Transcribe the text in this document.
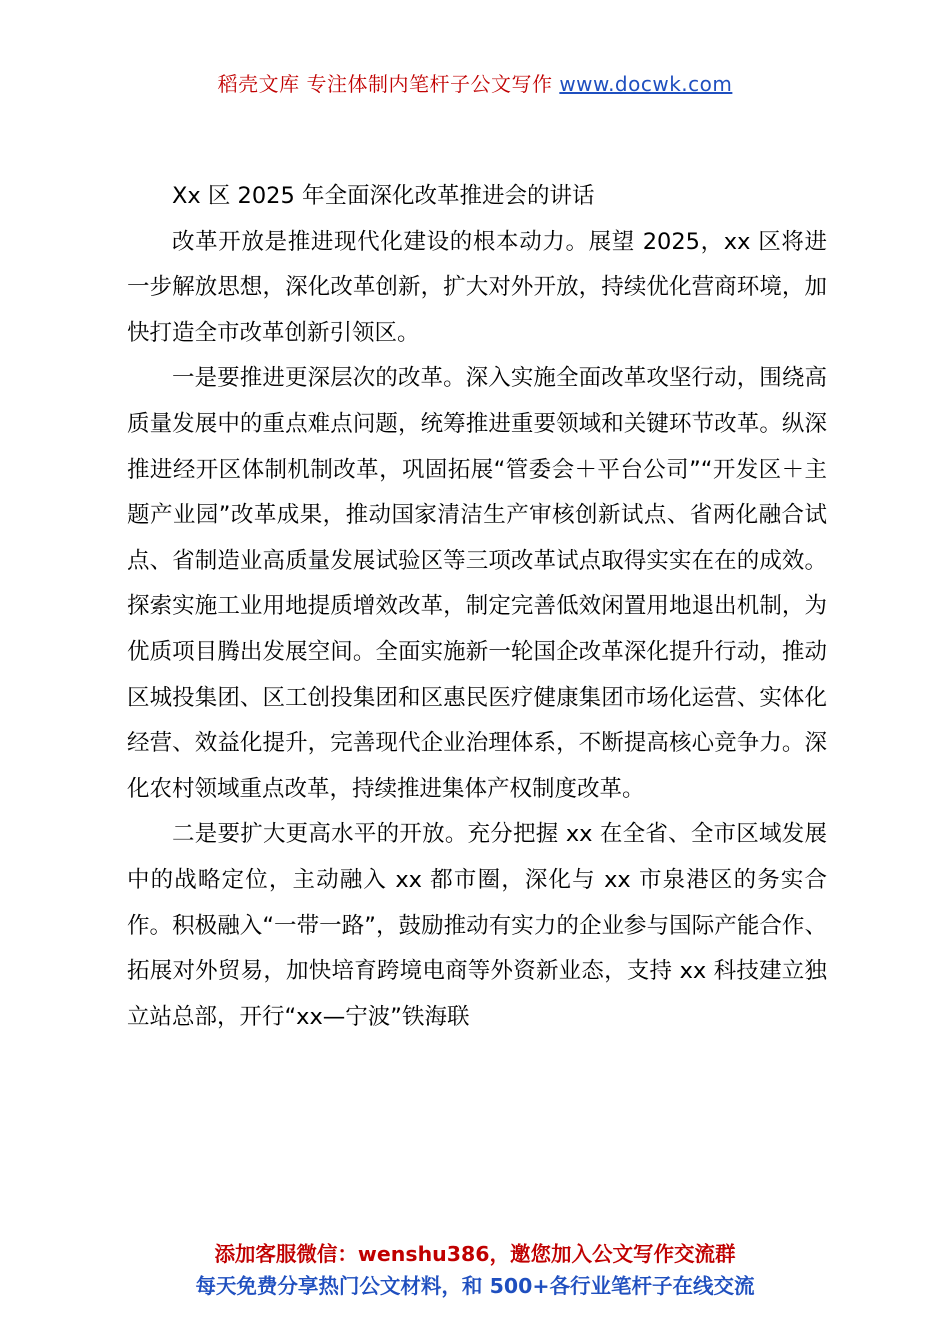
稻壳文库 专注体制内笔杆子公文写作 www.docwk.com

Xx 区 2025 年全面深化改革推进会的讲话

改革开放是推进现代化建设的根本动力。展望 2025，xx 区将进一步解放思想，深化改革创新，扩大对外开放，持续优化营商环境，加快打造全市改革创新引领区。

一是要推进更深层次的改革。深入实施全面改革攻坚行动，围绕高质量发展中的重点难点问题，统筹推进重要领域和关键环节改革。纵深推进经开区体制机制改革，巩固拓展“管委会＋平台公司”“开发区＋主题产业园”改革成果，推动国家清洁生产审核创新试点、省两化融合试点、省制造业高质量发展试验区等三项改革试点取得实实在在的成效。探索实施工业用地提质增效改革，制定完善低效闲置用地退出机制，为优质项目腾出发展空间。全面实施新一轮国企改革深化提升行动，推动区城投集团、区工创投集团和区惠民医疗健康集团市场化运营、实体化经营、效益化提升，完善现代企业治理体系，不断提高核心竞争力。深化农村领域重点改革，持续推进集体产权制度改革。

二是要扩大更高水平的开放。充分把握 xx 在全省、全市区域发展中的战略定位，主动融入 xx 都市圈，深化与 xx 市泉港区的务实合作。积极融入“一带一路”，鼓励推动有实力的企业参与国际产能合作、拓展对外贸易，加快培育跨境电商等外资新业态，支持 xx 科技建立独立站总部，开行“xx—宁波”铁海联

添加客服微信：wenshu386，邀您加入公文写作交流群
每天免费分享热门公文材料，和 500+各行业笔杆子在线交流
